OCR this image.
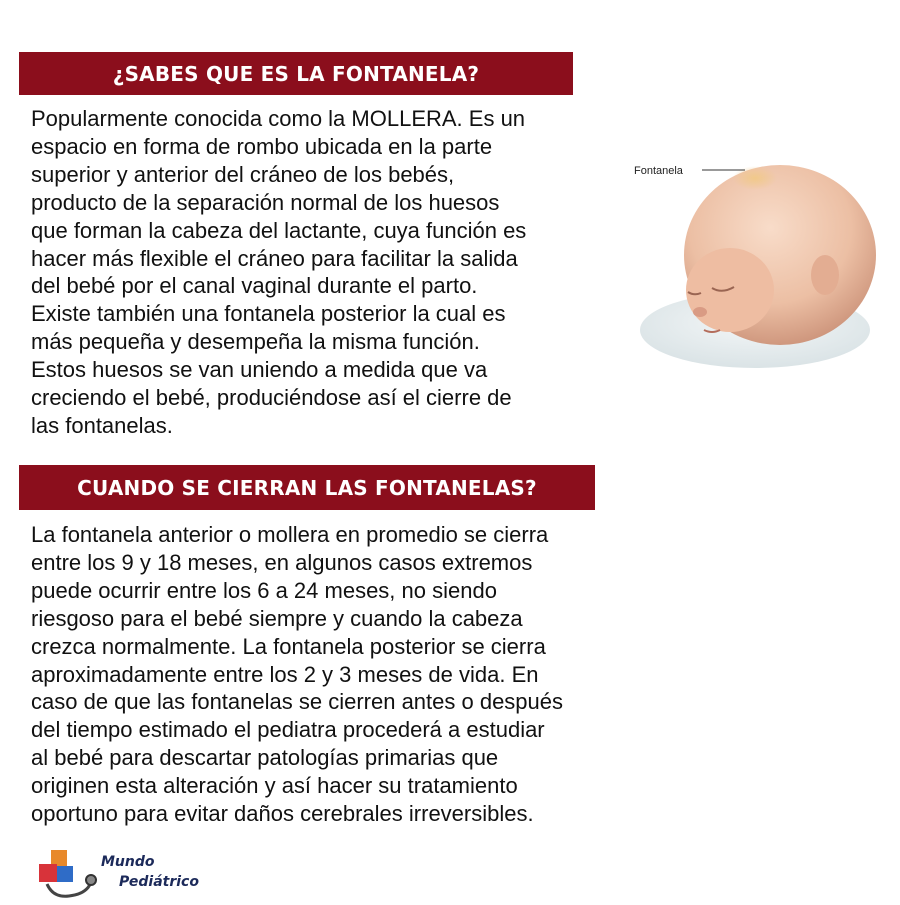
¿SABES QUE ES LA FONTANELA?

Popularmente conocida como la MOLLERA. Es un
espacio en forma de rombo ubicada en la parte
superior y anterior del cráneo de los bebés,
producto de la separación normal de los huesos
que forman la cabeza del lactante, cuya función es
hacer más flexible el cráneo para facilitar la salida
del bebé por el canal vaginal durante el parto.
Existe también una fontanela posterior la cual es
más pequeña y desempeña la misma función.
Estos huesos se van uniendo a medida que va
creciendo el bebé, produciéndose así el cierre de
las fontanelas.

Fontanela
CUANDO SE CIERRAN LAS FONTANELAS?

La fontanela anterior o mollera en promedio se cierra
entre los 9 y 18 meses, en algunos casos extremos
puede ocurrir entre los 6 a 24 meses, no siendo
riesgoso para el bebé siempre y cuando la cabeza
crezca normalmente. La fontanela posterior se cierra
aproximadamente entre los 2 y 3 meses de vida. En
caso de que las fontanelas se cierren antes o después
del tiempo estimado el pediatra procederá a estudiar
al bebé para descartar patologías primarias que
originen esta alteración y así hacer su tratamiento
oportuno para evitar daños cerebrales irreversibles.

Mundo
Pediátrico
